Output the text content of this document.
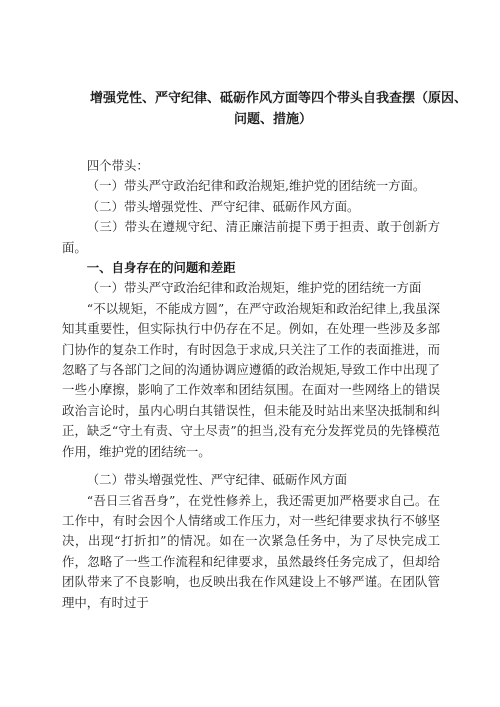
增强党性、严守纪律、砥砺作风方面等四个带头自我查摆（原因、
问题、措施）

四个带头：

（一）带头严守政治纪律和政治规矩,维护党的团结统一方面。

（二）带头增强党性、严守纪律、砥砺作风方面。

（三）带头在遵规守纪、清正廉洁前提下勇于担责、敢于创新方面。

一、自身存在的问题和差距

（一）带头严守政治纪律和政治规矩，维护党的团结统一方面

“不以规矩，不能成方圆”，在严守政治规矩和政治纪律上,我虽深知其重要性，但实际执行中仍存在不足。例如，在处理一些涉及多部门协作的复杂工作时，有时因急于求成,只关注了工作的表面推进，而忽略了与各部门之间的沟通协调应遵循的政治规矩,导致工作中出现了一些小摩擦，影响了工作效率和团结氛围。在面对一些网络上的错误政治言论时，虽内心明白其错误性，但未能及时站出来坚决抵制和纠正，缺乏“守土有责、守土尽责”的担当,没有充分发挥党员的先锋模范作用，维护党的团结统一。

（二）带头增强党性、严守纪律、砥砺作风方面

“吾日三省吾身”，在党性修养上，我还需更加严格要求自己。在工作中，有时会因个人情绪或工作压力，对一些纪律要求执行不够坚决，出现“打折扣”的情况。如在一次紧急任务中，为了尽快完成工作，忽略了一些工作流程和纪律要求，虽然最终任务完成了，但却给团队带来了不良影响，也反映出我在作风建设上不够严谨。在团队管理中，有时过于
